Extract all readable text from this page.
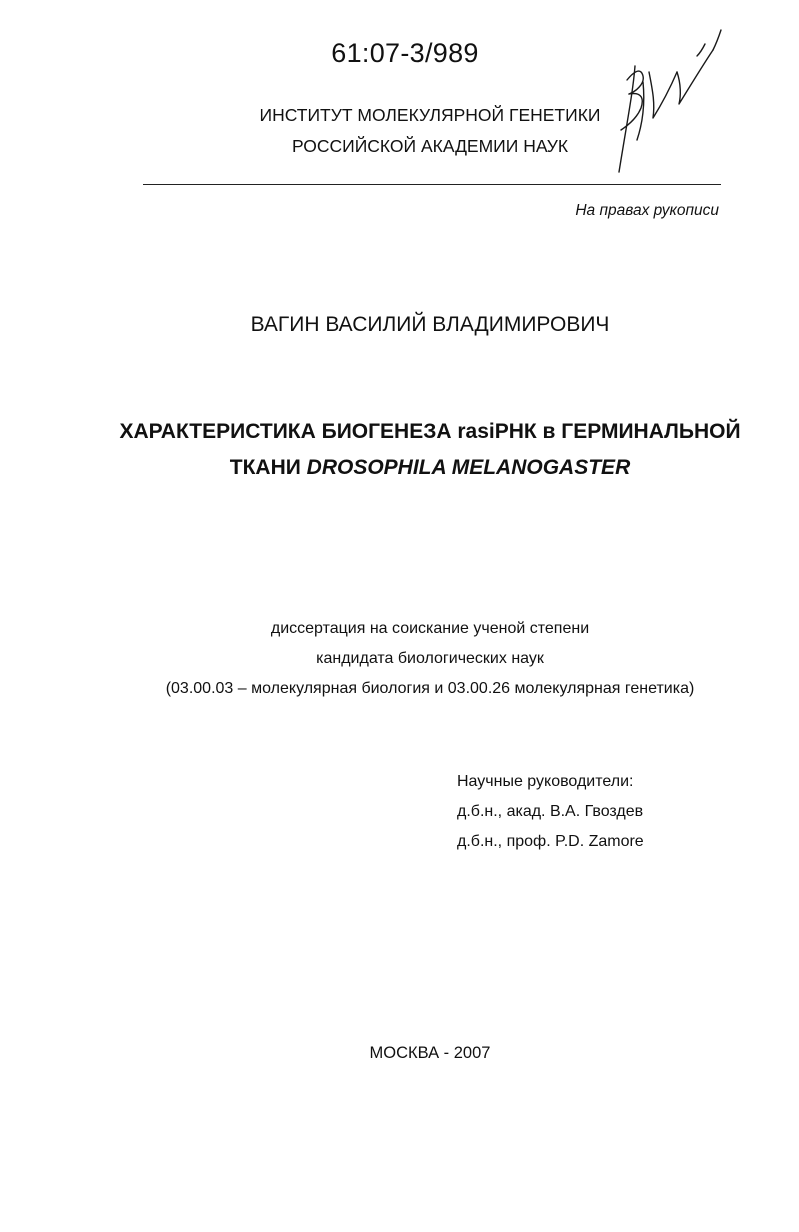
61:07-3/989
ИНСТИТУТ МОЛЕКУЛЯРНОЙ ГЕНЕТИКИ
РОССИЙСКОЙ АКАДЕМИИ НАУК
На правах рукописи
ВАГИН ВАСИЛИЙ ВЛАДИМИРОВИЧ
ХАРАКТЕРИСТИКА БИОГЕНЕЗА rasiРНК в ГЕРМИНАЛЬНОЙ
ТКАНИ DROSOPHILA MELANOGASTER
диссертация на соискание ученой степени
кандидата биологических наук
(03.00.03 – молекулярная биология и 03.00.26 молекулярная генетика)
Научные руководители:
д.б.н., акад. В.А. Гвоздев
д.б.н., проф. P.D. Zamore
МОСКВА - 2007
